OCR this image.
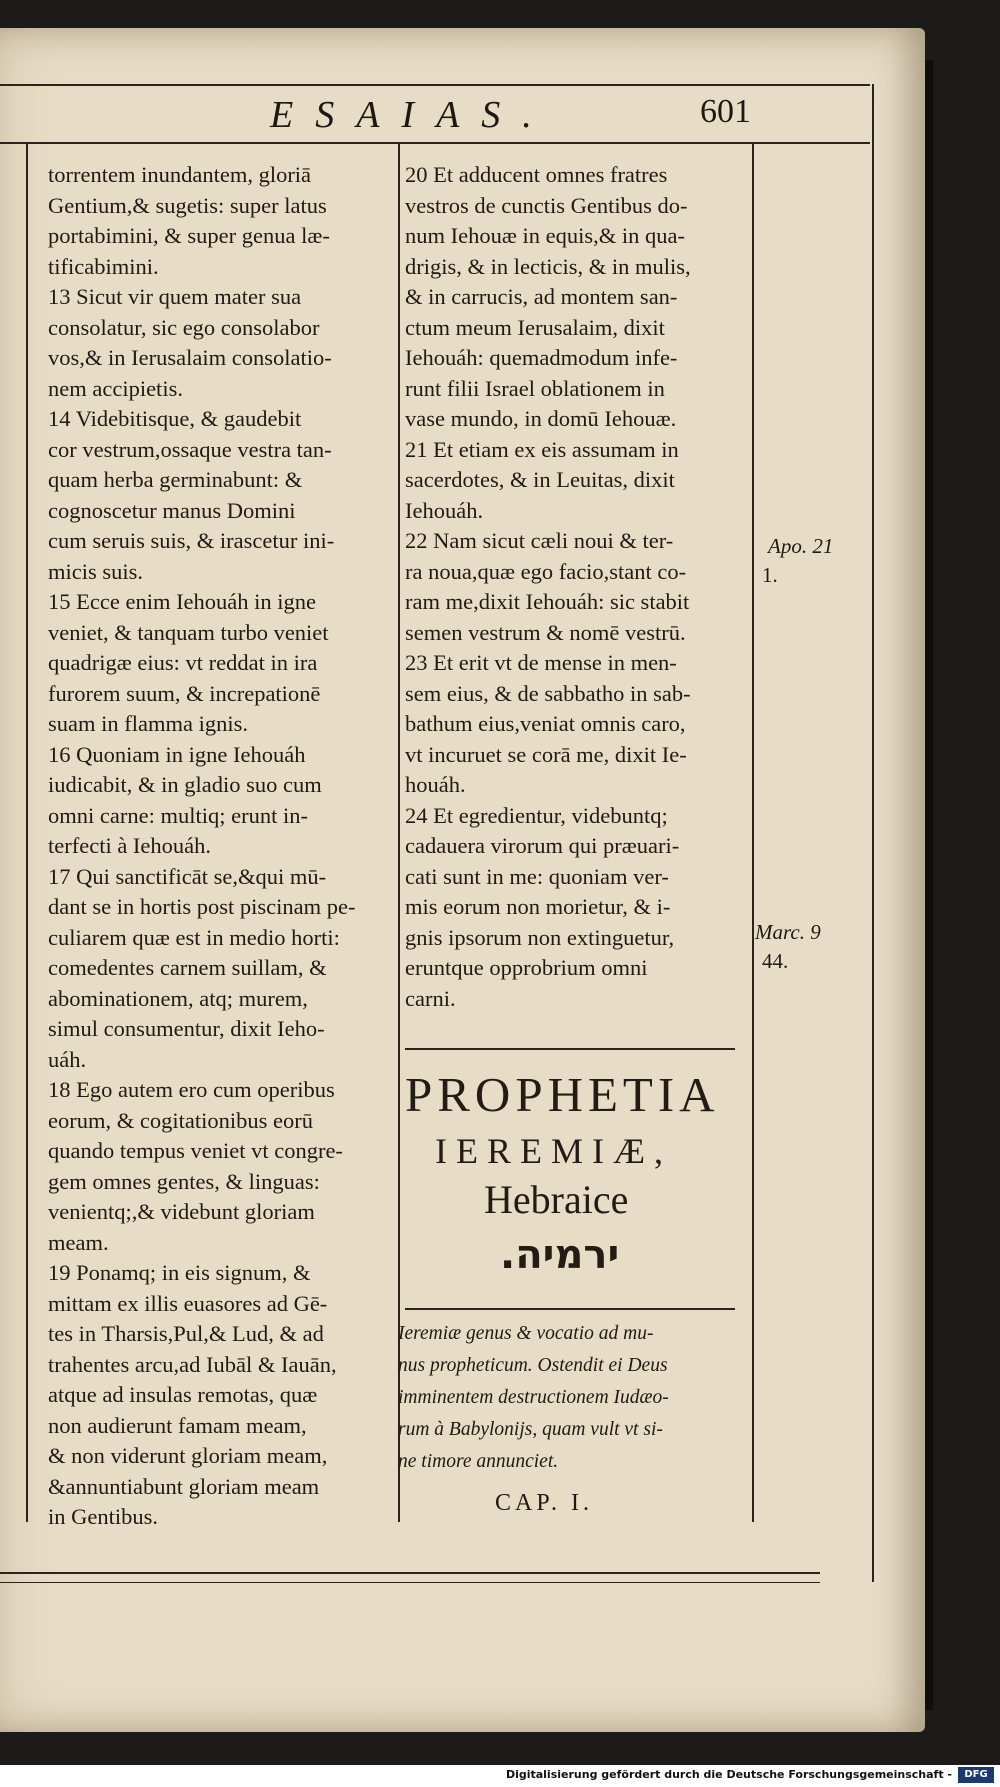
ESAIAS.	601

torrentem inundantem, gloriā

Gentium,& sugetis: super latus

portabimini, & super genua læ-

tificabimini.

13 Sicut vir quem mater sua

consolatur, sic ego consolabor

vos,& in Ierusalaim consolatio-

nem accipietis.

14 Videbitisque, & gaudebit

cor vestrum,ossaque vestra tan-

quam herba germinabunt: &

cognoscetur manus Domini

cum seruis suis, & irascetur ini-

micis suis.

15 Ecce enim Iehouáh in igne

veniet, & tanquam turbo veniet

quadrigæ eius: vt reddat in ira

furorem suum, & increpationē

suam in flamma ignis.

16 Quoniam in igne Iehouáh

iudicabit, & in gladio suo cum

omni carne: multiq; erunt in-

terfecti à Iehouáh.

17 Qui sanctificāt se,&qui mū-

dant se in hortis post piscinam pe-

culiarem quæ est in medio horti:

comedentes carnem suillam, &

abominationem, atq; murem,

simul consumentur, dixit Ieho-

uáh.

18 Ego autem ero cum operibus

eorum, & cogitationibus eorū

quando tempus veniet vt congre-

gem omnes gentes, & linguas:

venientq;,& videbunt gloriam

meam.

19 Ponamq; in eis signum, &

mittam ex illis euasores ad Gē-

tes in Tharsis,Pul,& Lud, & ad

trahentes arcu,ad Iubāl & Iauān,

atque ad insulas remotas, quæ

non audierunt famam meam,

& non viderunt gloriam meam,

&annuntiabunt gloriam meam

in Gentibus.

20 Et adducent omnes fratres

vestros de cunctis Gentibus do-

num Iehouæ in equis,& in qua-

drigis, & in lecticis, & in mulis,

& in carrucis, ad montem san-

ctum meum Ierusalaim, dixit

Iehouáh: quemadmodum infe-

runt filii Israel oblationem in

vase mundo, in domū Iehouæ.

21 Et etiam ex eis assumam in

sacerdotes, & in Leuitas, dixit

Iehouáh.

22 Nam sicut cæli noui & ter-

ra noua,quæ ego facio,stant co-

ram me,dixit Iehouáh: sic stabit

semen vestrum & nomē vestrū.

23 Et erit vt de mense in men-

sem eius, & de sabbatho in sab-

bathum eius,veniat omnis caro,

vt incuruet se corā me, dixit Ie-

houáh.

24 Et egredientur, videbuntq;

cadauera virorum qui præuari-

cati sunt in me: quoniam ver-

mis eorum non morietur, & i-

gnis ipsorum non extinguetur,

eruntque opprobrium omni

carni.

Apo. 21
1.
Marc. 9
44.
PROPHETIA
IEREMIÆ,
Hebraice
ירמיה.

Ieremiæ genus & vocatio ad mu-

nus propheticum. Ostendit ei Deus

imminentem destructionem Iudæo-

rum à Babylonijs, quam vult vt si-

ne timore annunciet.

CAP. I.
Digitalisierung gefördert durch die Deutsche Forschungsgemeinschaft -	DFG
